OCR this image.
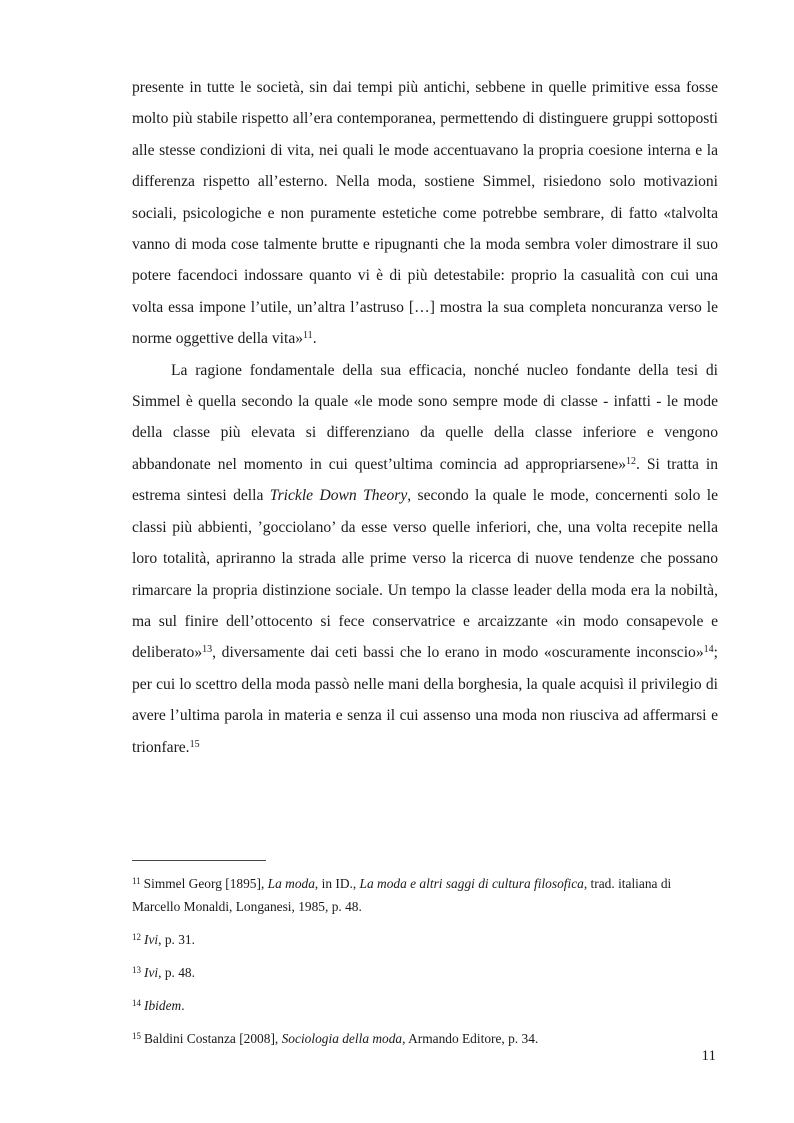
presente in tutte le società, sin dai tempi più antichi, sebbene in quelle primitive essa fosse molto più stabile rispetto all’era contemporanea, permettendo di distinguere gruppi sottoposti alle stesse condizioni di vita, nei quali le mode accentuavano la propria coesione interna e la differenza rispetto all’esterno. Nella moda, sostiene Simmel, risiedono solo motivazioni sociali, psicologiche e non puramente estetiche come potrebbe sembrare, di fatto «talvolta vanno di moda cose talmente brutte e ripugnanti che la moda sembra voler dimostrare il suo potere facendoci indossare quanto vi è di più detestabile: proprio la casualità con cui una volta essa impone l’utile, un’altra l’astruso […] mostra la sua completa noncuranza verso le norme oggettive della vita»$^{11}$.

La ragione fondamentale della sua efficacia, nonché nucleo fondante della tesi di Simmel è quella secondo la quale «le mode sono sempre mode di classe - infatti - le mode della classe più elevata si differenziano da quelle della classe inferiore e vengono abbandonate nel momento in cui quest’ultima comincia ad appropriarsene»$^{12}$. Si tratta in estrema sintesi della Trickle Down Theory, secondo la quale le mode, concernenti solo le classi più abbienti, ’gocciolano’ da esse verso quelle inferiori, che, una volta recepite nella loro totalità, apriranno la strada alle prime verso la ricerca di nuove tendenze che possano rimarcare la propria distinzione sociale. Un tempo la classe leader della moda era la nobiltà, ma sul finire dell’ottocento si fece conservatrice e arcaizzante «in modo consapevole e deliberato»$^{13}$, diversamente dai ceti bassi che lo erano in modo «oscuramente inconscio»$^{14}$; per cui lo scettro della moda passò nelle mani della borghesia, la quale acquisì il privilegio di avere l’ultima parola in materia e senza il cui assenso una moda non riusciva ad affermarsi e trionfare.$^{15}$

$^{11}$ Simmel Georg [1895], La moda, in ID., La moda e altri saggi di cultura filosofica, trad. italiana di Marcello Monaldi, Longanesi, 1985, p. 48.

$^{12}$ Ivi, p. 31.

$^{13}$ Ivi, p. 48.

$^{14}$ Ibidem.

$^{15}$ Baldini Costanza [2008], Sociologia della moda, Armando Editore, p. 34.

11
